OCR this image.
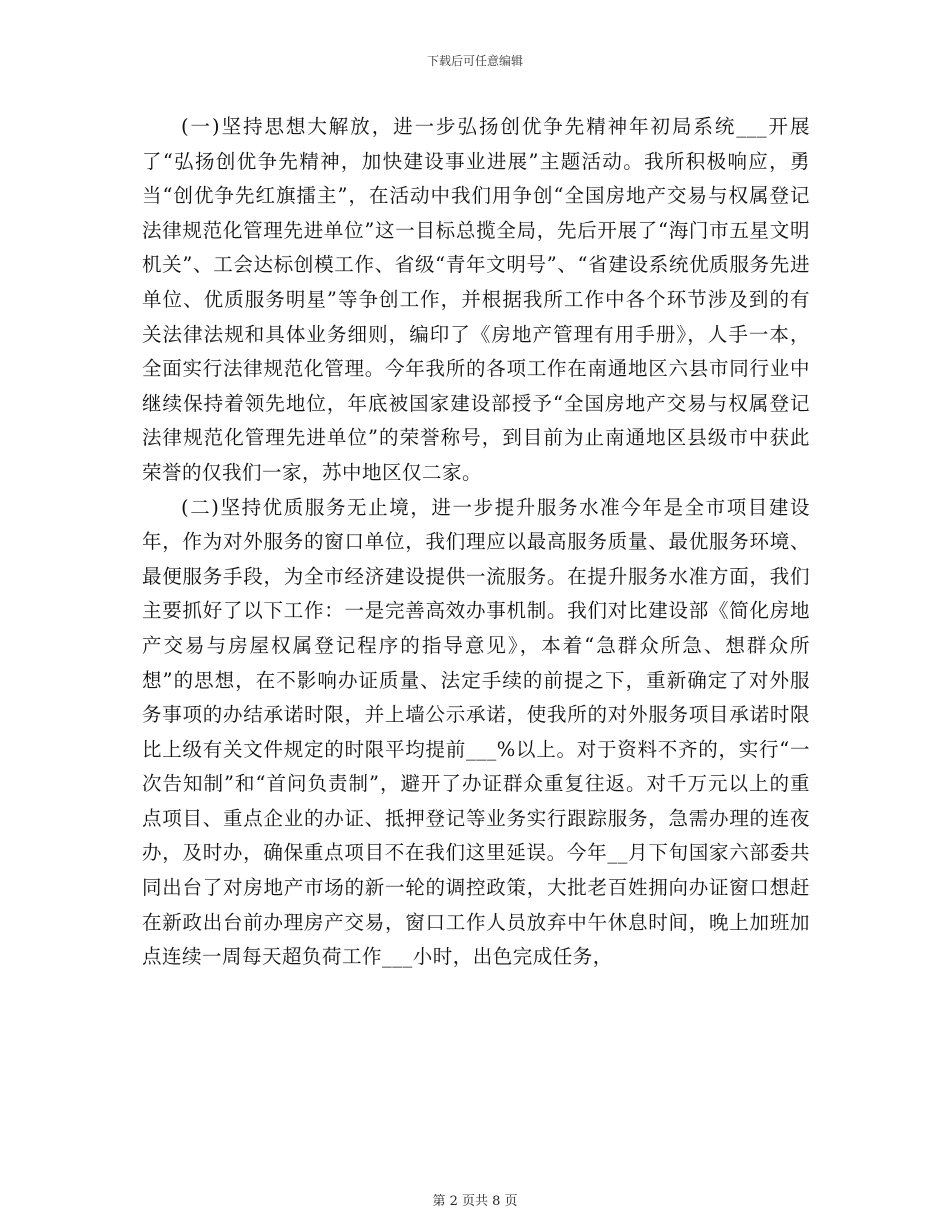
下载后可任意编辑

(一)坚持思想大解放，进一步弘扬创优争先精神年初局系统___开展了“弘扬创优争先精神，加快建设事业进展”主题活动。我所积极响应，勇当“创优争先红旗擂主”，在活动中我们用争创“全国房地产交易与权属登记法律规范化管理先进单位”这一目标总揽全局，先后开展了“海门市五星文明机关”、工会达标创模工作、省级“青年文明号”、“省建设系统优质服务先进单位、优质服务明星”等争创工作，并根据我所工作中各个环节涉及到的有关法律法规和具体业务细则，编印了《房地产管理有用手册》，人手一本，全面实行法律规范化管理。今年我所的各项工作在南通地区六县市同行业中继续保持着领先地位，年底被国家建设部授予“全国房地产交易与权属登记法律规范化管理先进单位”的荣誉称号，到目前为止南通地区县级市中获此荣誉的仅我们一家，苏中地区仅二家。

(二)坚持优质服务无止境，进一步提升服务水准今年是全市项目建设年，作为对外服务的窗口单位，我们理应以最高服务质量、最优服务环境、最便服务手段，为全市经济建设提供一流服务。在提升服务水准方面，我们主要抓好了以下工作：一是完善高效办事机制。我们对比建设部《简化房地产交易与房屋权属登记程序的指导意见》，本着“急群众所急、想群众所想”的思想，在不影响办证质量、法定手续的前提之下，重新确定了对外服务事项的办结承诺时限，并上墙公示承诺，使我所的对外服务项目承诺时限比上级有关文件规定的时限平均提前___%以上。对于资料不齐的，实行“一次告知制”和“首问负责制”，避开了办证群众重复往返。对千万元以上的重点项目、重点企业的办证、抵押登记等业务实行跟踪服务，急需办理的连夜办，及时办，确保重点项目不在我们这里延误。今年__月下旬国家六部委共同出台了对房地产市场的新一轮的调控政策，大批老百姓拥向办证窗口想赶在新政出台前办理房产交易，窗口工作人员放弃中午休息时间，晚上加班加点连续一周每天超负荷工作___小时，出色完成任务，

第 2 页共 8 页
